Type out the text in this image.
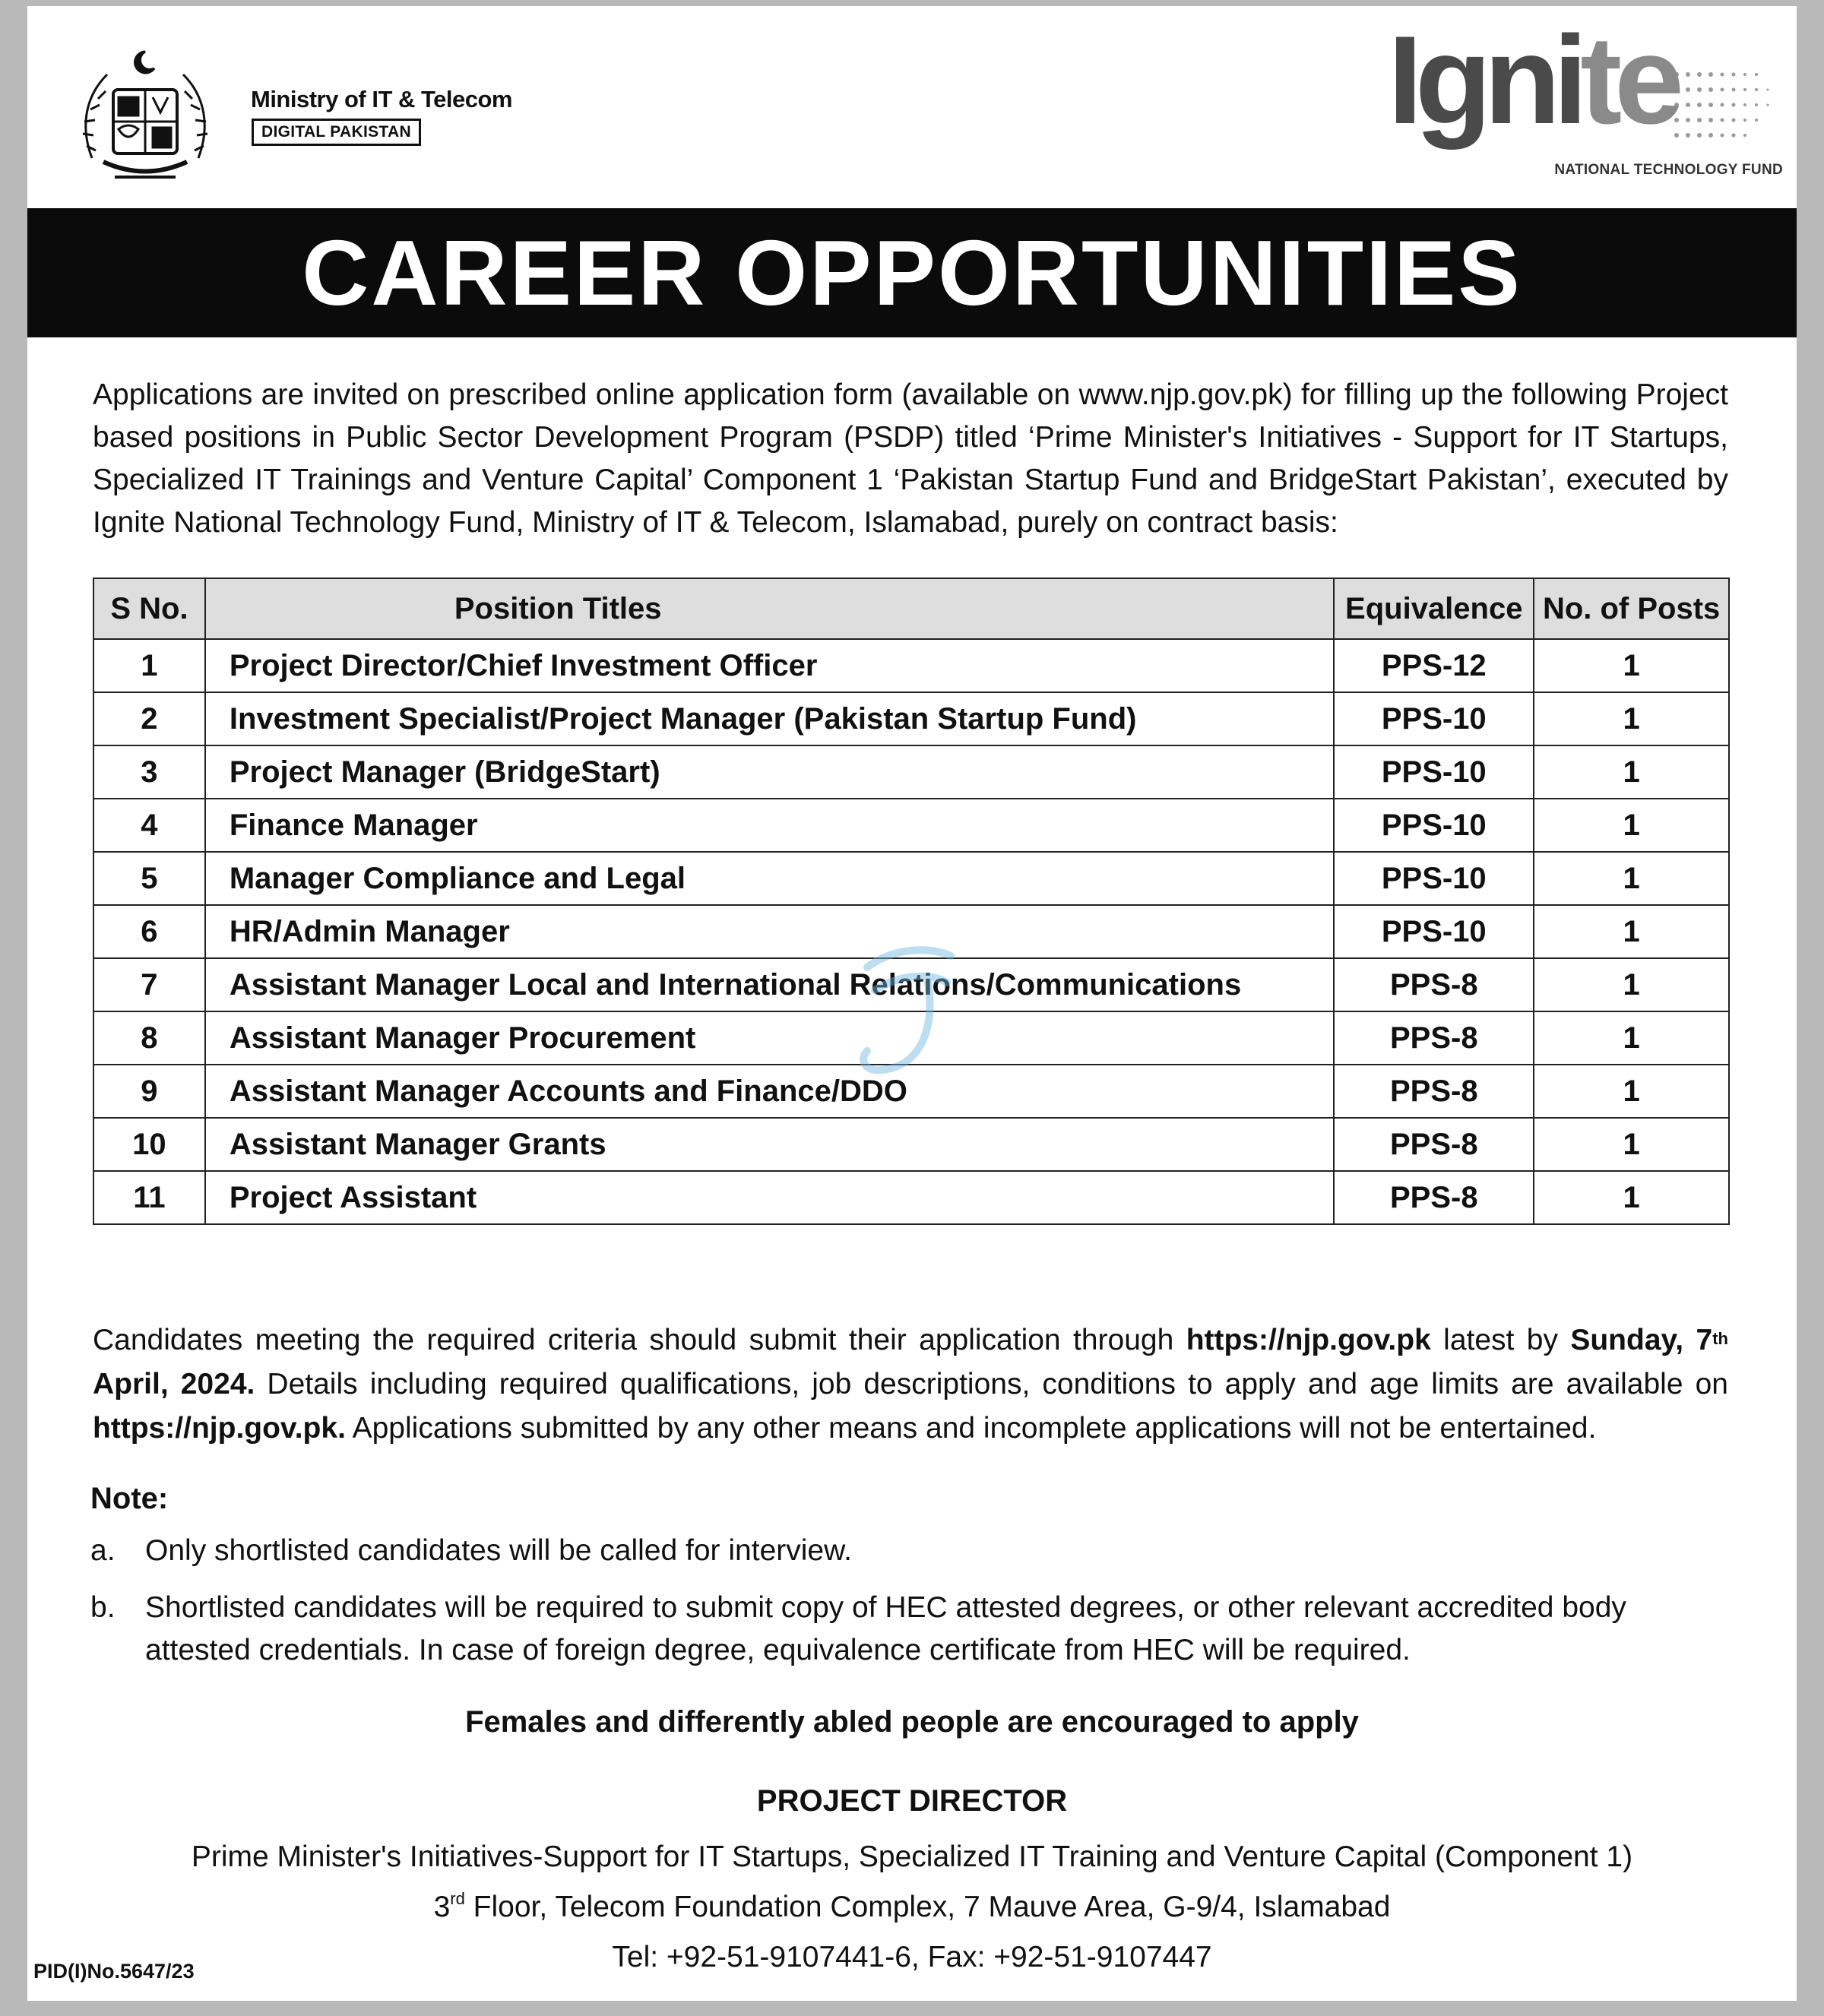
Ministry of IT & Telecom
DIGITAL PAKISTAN	Ignite
NATIONAL TECHNOLOGY FUND
CAREER OPPORTUNITIES
Applications are invited on prescribed online application form (available on www.njp.gov.pk) for filling up the following Project based positions in Public Sector Development Program (PSDP) titled ‘Prime Minister's Initiatives - Support for IT Startups, Specialized IT Trainings and Venture Capital’ Component 1 ‘Pakistan Startup Fund and BridgeStart Pakistan’, executed by Ignite National Technology Fund, Ministry of IT & Telecom, Islamabad, purely on contract basis:
S No.	Position Titles	Equivalence	No. of Posts
1	Project Director/Chief Investment Officer	PPS-12	1
2	Investment Specialist/Project Manager (Pakistan Startup Fund)	PPS-10	1
3	Project Manager (BridgeStart)	PPS-10	1
4	Finance Manager	PPS-10	1
5	Manager Compliance and Legal	PPS-10	1
6	HR/Admin Manager	PPS-10	1
7	Assistant Manager Local and International Relations/Communications	PPS-8	1
8	Assistant Manager Procurement	PPS-8	1
9	Assistant Manager Accounts and Finance/DDO	PPS-8	1
10	Assistant Manager Grants	PPS-8	1
11	Project Assistant	PPS-8	1
Candidates meeting the required criteria should submit their application through https://njp.gov.pk latest by Sunday, 7th April, 2024. Details including required qualifications, job descriptions, conditions to apply and age limits are available on https://njp.gov.pk. Applications submitted by any other means and incomplete applications will not be entertained.
Note:
a. Only shortlisted candidates will be called for interview.
b. Shortlisted candidates will be required to submit copy of HEC attested degrees, or other relevant accredited body attested credentials. In case of foreign degree, equivalence certificate from HEC will be required.
Females and differently abled people are encouraged to apply
PROJECT DIRECTOR
Prime Minister's Initiatives-Support for IT Startups, Specialized IT Training and Venture Capital (Component 1)
3rd Floor, Telecom Foundation Complex, 7 Mauve Area, G-9/4, Islamabad
Tel: +92-51-9107441-6, Fax: +92-51-9107447
PID(I)No.5647/23
